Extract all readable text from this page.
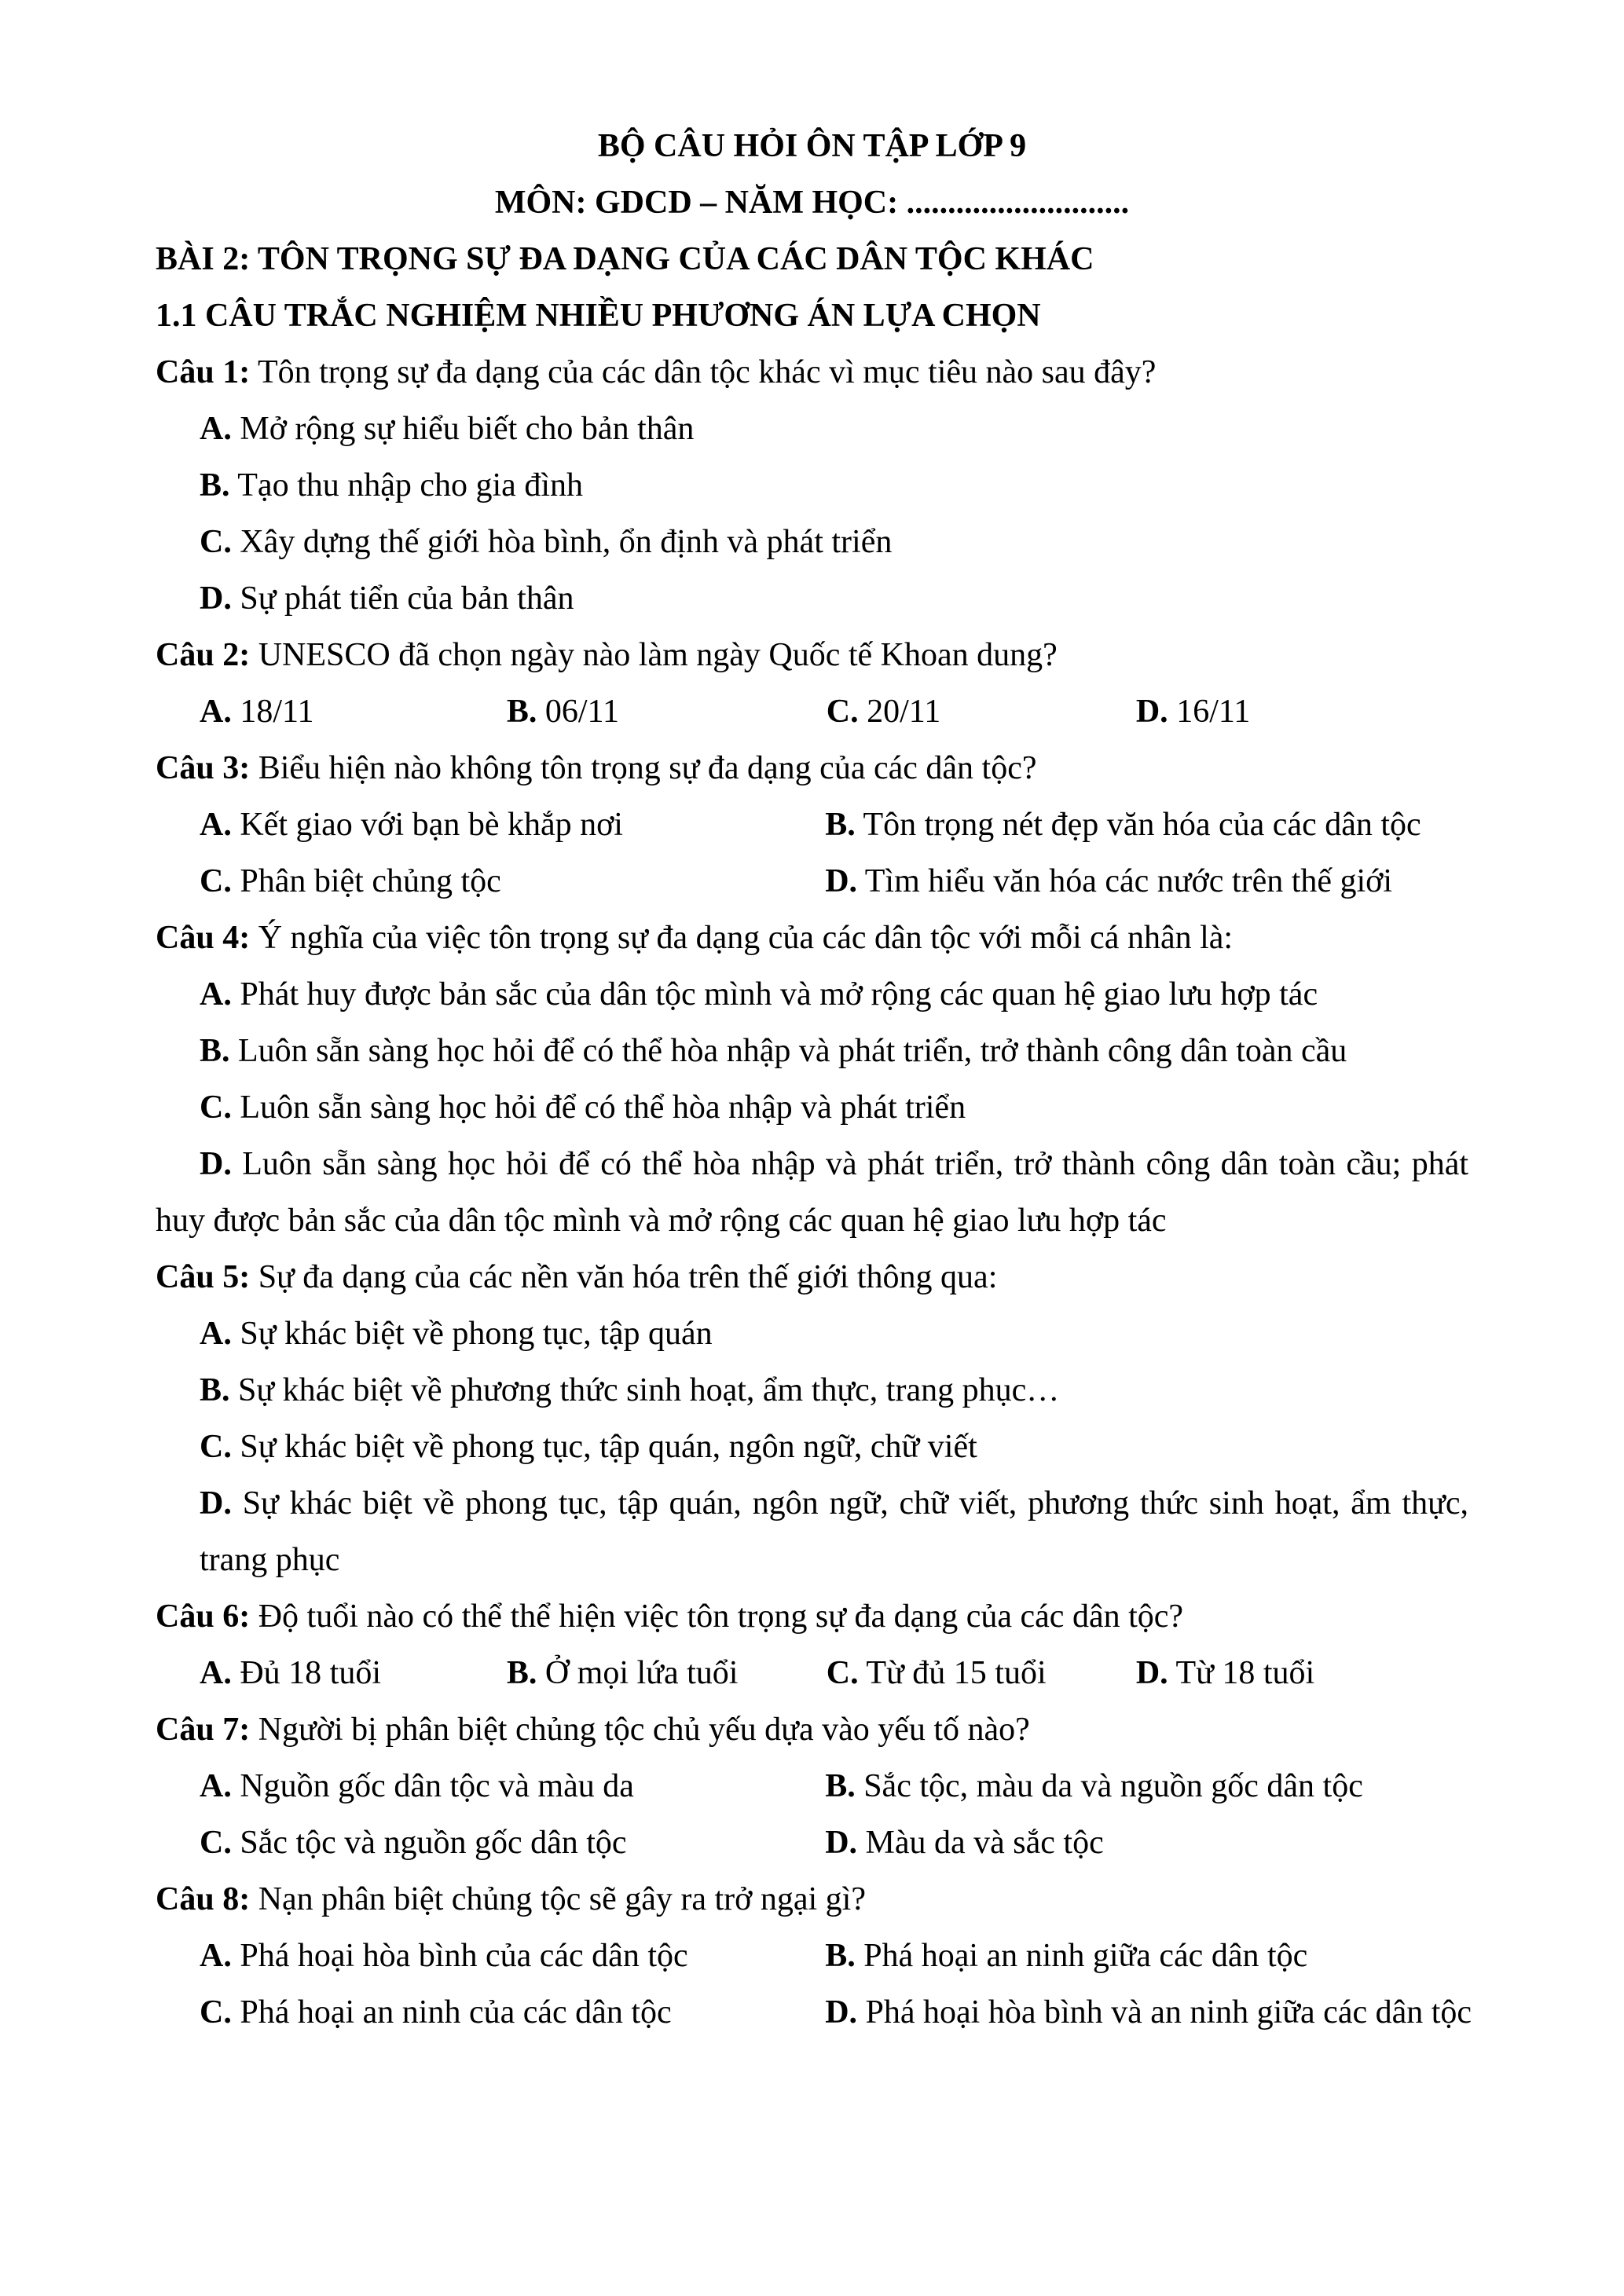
BỘ CÂU HỎI ÔN TẬP LỚP 9

MÔN: GDCD – NĂM HỌC: ...........................

BÀI 2: TÔN TRỌNG SỰ ĐA DẠNG CỦA CÁC DÂN TỘC KHÁC

1.1 CÂU TRẮC NGHIỆM NHIỀU PHƯƠNG ÁN LỰA CHỌN

Câu 1: Tôn trọng sự đa dạng của các dân tộc khác vì mục tiêu nào sau đây?

A. Mở rộng sự hiểu biết cho bản thân

B. Tạo thu nhập cho gia đình

C. Xây dựng thế giới hòa bình, ổn định và phát triển

D. Sự phát tiển của bản thân

Câu 2: UNESCO đã chọn ngày nào làm ngày Quốc tế Khoan dung?

A. 18/11	B. 06/11	C. 20/11	D. 16/11

Câu 3: Biểu hiện nào không tôn trọng sự đa dạng của các dân tộc?

A. Kết giao với bạn bè khắp nơi	B. Tôn trọng nét đẹp văn hóa của các dân tộc

C. Phân biệt chủng tộc	D. Tìm hiểu văn hóa các nước trên thế giới

Câu 4: Ý nghĩa của việc tôn trọng sự đa dạng của các dân tộc với mỗi cá nhân là:

A. Phát huy được bản sắc của dân tộc mình và mở rộng các quan hệ giao lưu hợp tác

B. Luôn sẵn sàng học hỏi để có thể hòa nhập và phát triển, trở thành công dân toàn cầu

C. Luôn sẵn sàng học hỏi để có thể hòa nhập và phát triển

D. Luôn sẵn sàng học hỏi để có thể hòa nhập và phát triển, trở thành công dân toàn cầu; phát huy được bản sắc của dân tộc mình và mở rộng các quan hệ giao lưu hợp tác

Câu 5: Sự đa dạng của các nền văn hóa trên thế giới thông qua:

A. Sự khác biệt về phong tục, tập quán

B. Sự khác biệt về phương thức sinh hoạt, ẩm thực, trang phục…

C. Sự khác biệt về phong tục, tập quán, ngôn ngữ, chữ viết

D. Sự khác biệt về phong tục, tập quán, ngôn ngữ, chữ viết, phương thức sinh hoạt, ẩm thực, trang phục

Câu 6: Độ tuổi nào có thể thể hiện việc tôn trọng sự đa dạng của các dân tộc?

A. Đủ 18 tuổi	B. Ở mọi lứa tuổi	C. Từ đủ 15 tuổi	D. Từ 18 tuổi

Câu 7: Người bị phân biệt chủng tộc chủ yếu dựa vào yếu tố nào?

A. Nguồn gốc dân tộc và màu da	B. Sắc tộc, màu da và nguồn gốc dân tộc

C. Sắc tộc và nguồn gốc dân tộc	D. Màu da và sắc tộc

Câu 8: Nạn phân biệt chủng tộc sẽ gây ra trở ngại gì?

A. Phá hoại hòa bình của các dân tộc	B. Phá hoại an ninh giữa các dân tộc

C. Phá hoại an ninh của các dân tộc	D. Phá hoại hòa bình và an ninh giữa các dân tộc
